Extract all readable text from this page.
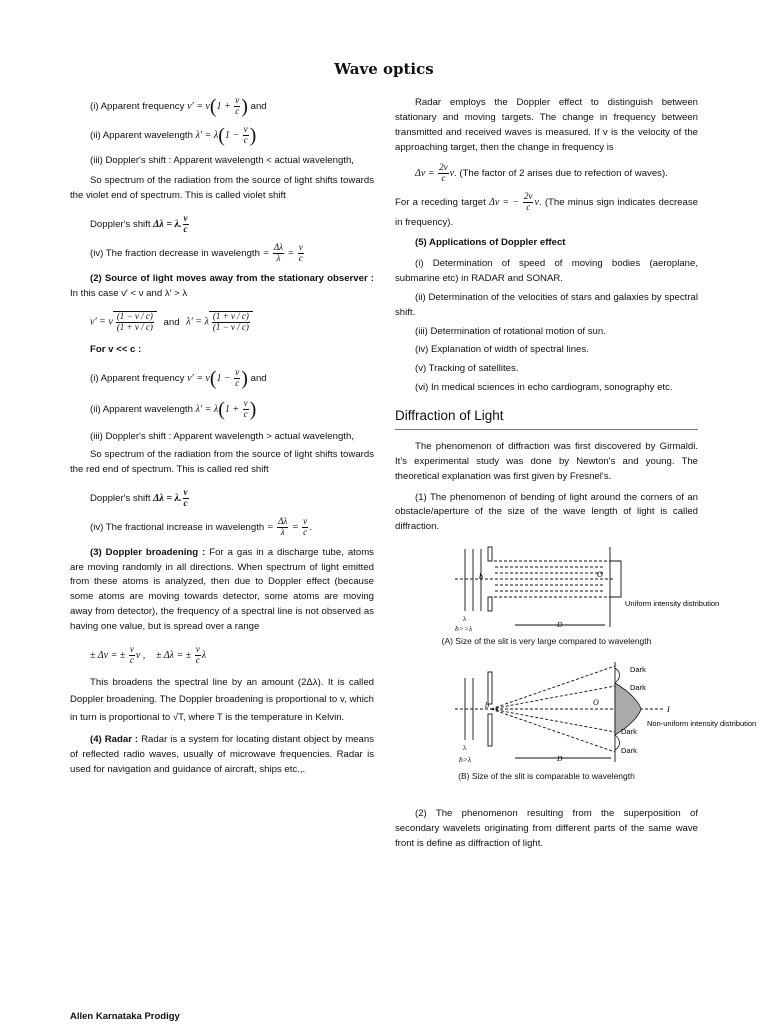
Wave optics

(i) Apparent frequency $\nu' = \nu(1 + \frac{v}{c}$ ) and

(ii) Apparent wavelength $\lambda' = \lambda(1 - \frac{v}{c}$ )

(iii) Doppler's shift : Apparent wavelength < actual wavelength,

So spectrum of the radiation from the source of light shifts towards the violet end of spectrum. This is called violet shift

Doppler's shift Δλ = λ. $\frac{v}{c}$

(iv) The fraction decrease in wavelength = $\frac{\Delta\lambda}{\lambda} = \frac{v}{c}$

(2) Source of light moves away from the stationary observer : In this case ν′ < ν and λ′ > λ

ν′ = ν $\frac{(1 - v / c)}{(1 + v / c)}$ and λ′ = λ $\frac{(1 + v / c)}{(1 - v / c)}$

For v << c :

(i) Apparent frequency $\nu' = \nu(1 - \frac{v}{c}$ ) and

(ii) Apparent wavelength $\lambda' = \lambda(1 + \frac{v}{c}$ )

(iii) Doppler's shift : Apparent wavelength > actual wavelength,

So spectrum of the radiation from the source of light shifts towards the red end of spectrum. This is called red shift

Doppler's shift Δλ = λ. $\frac{v}{c}$

(iv) The fractional increase in wavelength = $\frac{\Delta\lambda}{\lambda} = \frac{v}{c}$ .

(3) Doppler broadening : For a gas in a discharge tube, atoms are moving randomly in all directions. When spectrum of light emitted from these atoms is analyzed, then due to Doppler effect (because some atoms are moving towards detector, some atoms are moving away from detector), the frequency of a spectral line is not observed as having one value, but is spread over a range

± Δν = ± $\frac{v}{c}$ ν , ± Δλ = ± $\frac{v}{c}$ λ

This broadens the spectral line by an amount (2Δλ). It is called Doppler broadening. The Doppler broadening is proportional to v, which in turn is proportional to √T, where T is the temperature in Kelvin.

(4) Radar : Radar is a system for locating distant object by means of reflected radio waves, usually of microwave frequencies. Radar is used for navigation and guidance of aircraft, ships etc.,.

Radar employs the Doppler effect to distinguish between stationary and moving targets. The change in frequency between transmitted and received waves is measured. If v is the velocity of the approaching target, then the change in frequency is

$\Delta\nu = \frac{2v}{c} \nu$. (The factor of 2 arises due to refection of waves).

For a receding target Δν = − $\frac{2v}{c} \nu$. (The minus sign indicates decrease in frequency).

(5) Applications of Doppler effect

(i) Determination of speed of moving bodies (aeroplane, submarine etc) in RADAR and SONAR.

(ii) Determination of the velocities of stars and galaxies by spectral shift.

(iii) Determination of rotational motion of sun.

(iv) Explanation of width of spectral lines.

(v) Tracking of satellites.

(vi) In medical sciences in echo cardiogram, sonography etc.

Diffraction of Light

The phenomenon of diffraction was first discovered by Girmaldi. It's experimental study was done by Newton's and young. The theoretical explanation was first given by Fresnel's.

(1) The phenomenon of bending of light around the corners of an obstacle/aperture of the size of the wave length of light is called diffraction.

b	O
λ
b>>λ	D
Uniform intensity distribution
(A) Size of the slit is very large compared to wavelength
Dark
Dark
Dark
Dark
b	O
I
λ
b>λ	D
Non-uniform intensity distribution
(B) Size of the slit is comparable to wavelength

(2) The phenomenon resulting from the superposition of secondary wavelets originating from different parts of the same wave front is define as diffraction of light.

Allen Karnataka Prodigy
